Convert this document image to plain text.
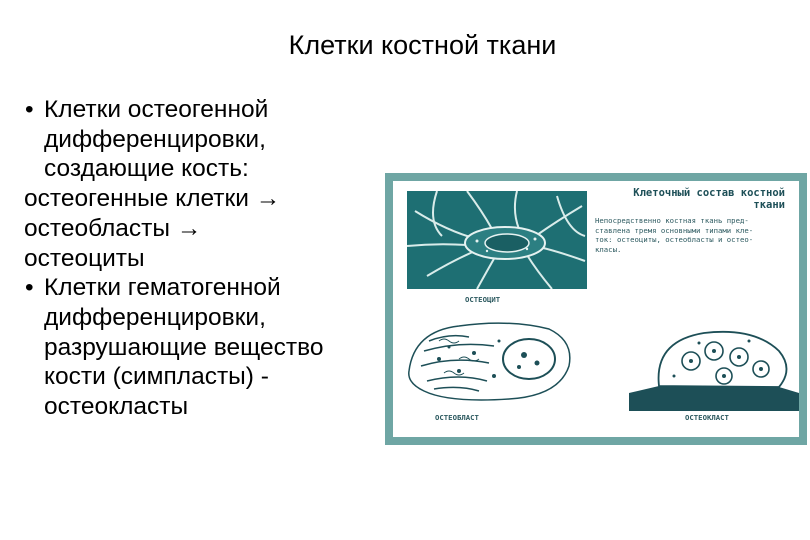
Клетки костной ткани
• Клетки остеогенной
дифференцировки,
создающие кость:
остеогенные клетки →
остеобласты →
остеоциты
• Клетки гематогенной
дифференцировки,
разрушающие вещество
кости (симпласты) -
остеокласты
ОСТЕОЦИТ
Клеточный состав костной
ткани
Непосредственно костная ткань пред-
ставлена тремя основными типами кле-
ток: остеоциты, остеобласты и остео-
класы.
ОСТЕОБЛАСТ	ОСТЕОКЛАСТ
